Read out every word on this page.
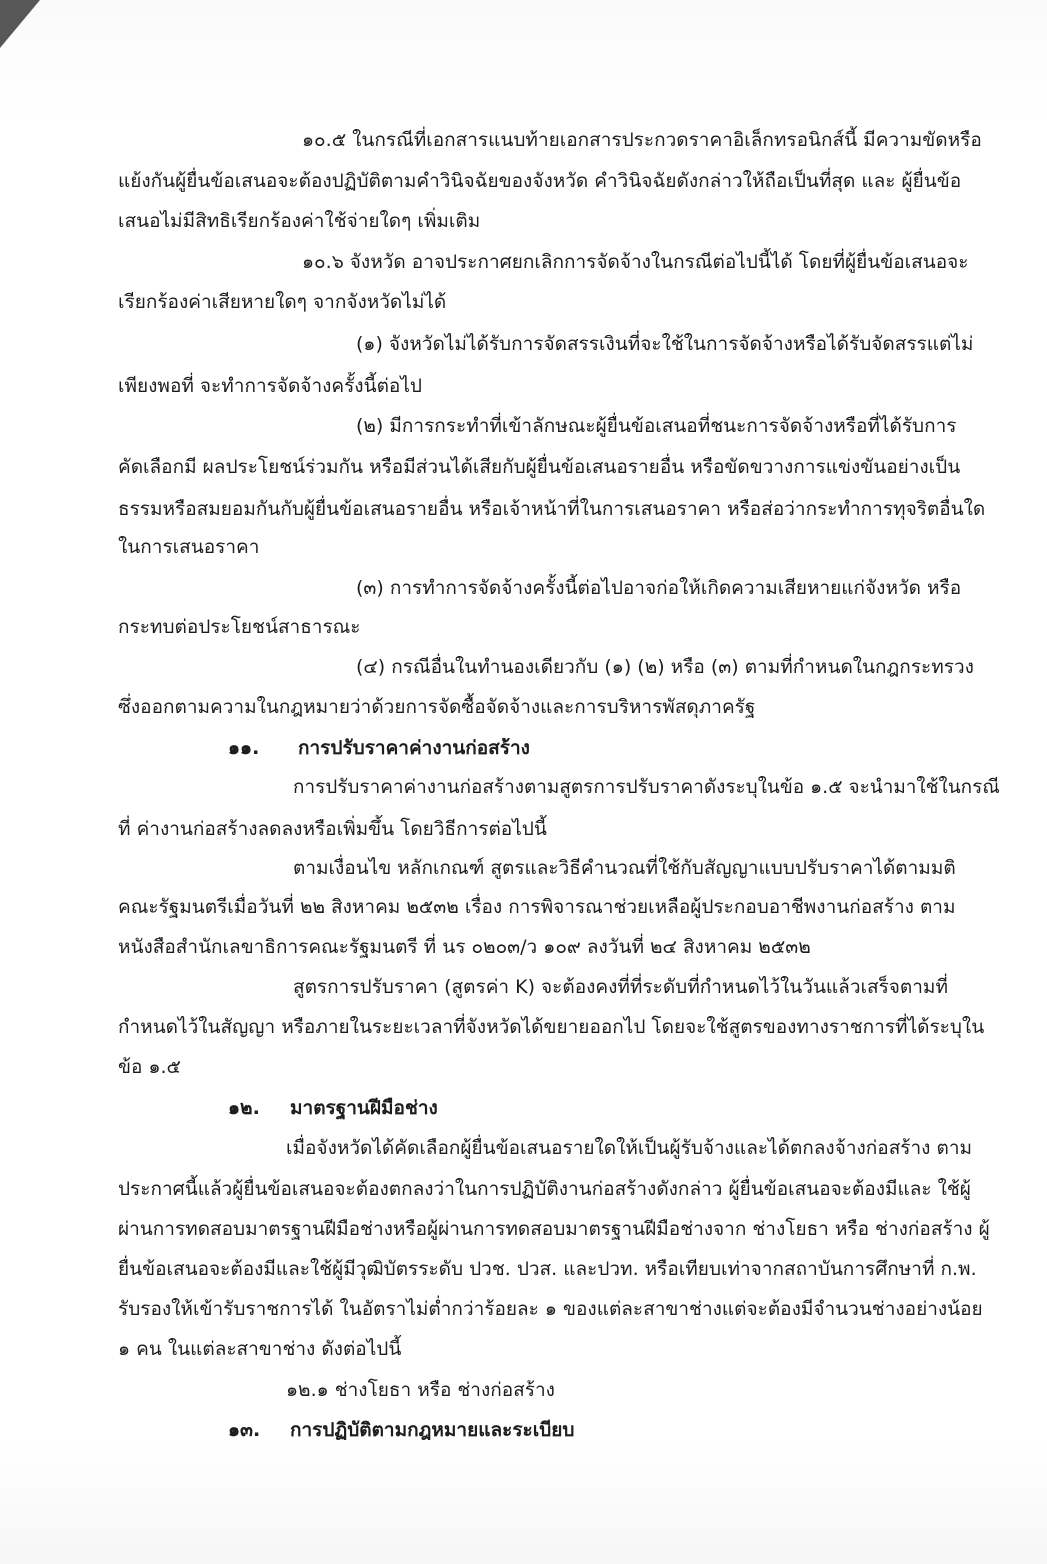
๑๐.๕ ในกรณีที่เอกสารแนบท้ายเอกสารประกวดราคาอิเล็กทรอนิกส์นี้ มีความขัดหรือ
แย้งกันผู้ยื่นข้อเสนอจะต้องปฏิบัติตามคำวินิจฉัยของจังหวัด คำวินิจฉัยดังกล่าวให้ถือเป็นที่สุด และ ผู้ยื่นข้อ
เสนอไม่มีสิทธิเรียกร้องค่าใช้จ่ายใดๆ เพิ่มเติม
๑๐.๖ จังหวัด อาจประกาศยกเลิกการจัดจ้างในกรณีต่อไปนี้ได้ โดยที่ผู้ยื่นข้อเสนอจะ
เรียกร้องค่าเสียหายใดๆ จากจังหวัดไม่ได้
(๑) จังหวัดไม่ได้รับการจัดสรรเงินที่จะใช้ในการจัดจ้างหรือได้รับจัดสรรแต่ไม่
เพียงพอที่ จะทำการจัดจ้างครั้งนี้ต่อไป
(๒) มีการกระทำที่เข้าลักษณะผู้ยื่นข้อเสนอที่ชนะการจัดจ้างหรือที่ได้รับการ
คัดเลือกมี ผลประโยชน์ร่วมกัน หรือมีส่วนได้เสียกับผู้ยื่นข้อเสนอรายอื่น หรือขัดขวางการแข่งขันอย่างเป็น
ธรรมหรือสมยอมกันกับผู้ยื่นข้อเสนอรายอื่น หรือเจ้าหน้าที่ในการเสนอราคา หรือส่อว่ากระทำการทุจริตอื่นใด
ในการเสนอราคา
(๓) การทำการจัดจ้างครั้งนี้ต่อไปอาจก่อให้เกิดความเสียหายแก่จังหวัด หรือ
กระทบต่อประโยชน์สาธารณะ
(๔) กรณีอื่นในทำนองเดียวกับ (๑) (๒) หรือ (๓) ตามที่กำหนดในกฎกระทรวง
ซึ่งออกตามความในกฎหมายว่าด้วยการจัดซื้อจัดจ้างและการบริหารพัสดุภาครัฐ
๑๑. การปรับราคาค่างานก่อสร้าง
การปรับราคาค่างานก่อสร้างตามสูตรการปรับราคาดังระบุในข้อ ๑.๕ จะนำมาใช้ในกรณี
ที่ ค่างานก่อสร้างลดลงหรือเพิ่มขึ้น โดยวิธีการต่อไปนี้
ตามเงื่อนไข หลักเกณฑ์ สูตรและวิธีคำนวณที่ใช้กับสัญญาแบบปรับราคาได้ตามมติ
คณะรัฐมนตรีเมื่อวันที่ ๒๒ สิงหาคม ๒๕๓๒ เรื่อง การพิจารณาช่วยเหลือผู้ประกอบอาชีพงานก่อสร้าง ตาม
หนังสือสำนักเลขาธิการคณะรัฐมนตรี ที่ นร ๐๒๐๓/ว ๑๐๙ ลงวันที่ ๒๔ สิงหาคม ๒๕๓๒
สูตรการปรับราคา (สูตรค่า K) จะต้องคงที่ที่ระดับที่กำหนดไว้ในวันแล้วเสร็จตามที่
กำหนดไว้ในสัญญา หรือภายในระยะเวลาที่จังหวัดได้ขยายออกไป โดยจะใช้สูตรของทางราชการที่ได้ระบุใน
ข้อ ๑.๕
๑๒. มาตรฐานฝีมือช่าง
เมื่อจังหวัดได้คัดเลือกผู้ยื่นข้อเสนอรายใดให้เป็นผู้รับจ้างและได้ตกลงจ้างก่อสร้าง ตาม
ประกาศนี้แล้วผู้ยื่นข้อเสนอจะต้องตกลงว่าในการปฏิบัติงานก่อสร้างดังกล่าว ผู้ยื่นข้อเสนอจะต้องมีและ ใช้ผู้
ผ่านการทดสอบมาตรฐานฝีมือช่างหรือผู้ผ่านการทดสอบมาตรฐานฝีมือช่างจาก ช่างโยธา หรือ ช่างก่อสร้าง ผู้
ยื่นข้อเสนอจะต้องมีและใช้ผู้มีวุฒิบัตรระดับ ปวช. ปวส. และปวท. หรือเทียบเท่าจากสถาบันการศึกษาที่ ก.พ.
รับรองให้เข้ารับราชการได้ ในอัตราไม่ต่ำกว่าร้อยละ ๑ ของแต่ละสาขาช่างแต่จะต้องมีจำนวนช่างอย่างน้อย
๑ คน ในแต่ละสาขาช่าง ดังต่อไปนี้
๑๒.๑ ช่างโยธา หรือ ช่างก่อสร้าง
๑๓. การปฏิบัติตามกฎหมายและระเบียบ
